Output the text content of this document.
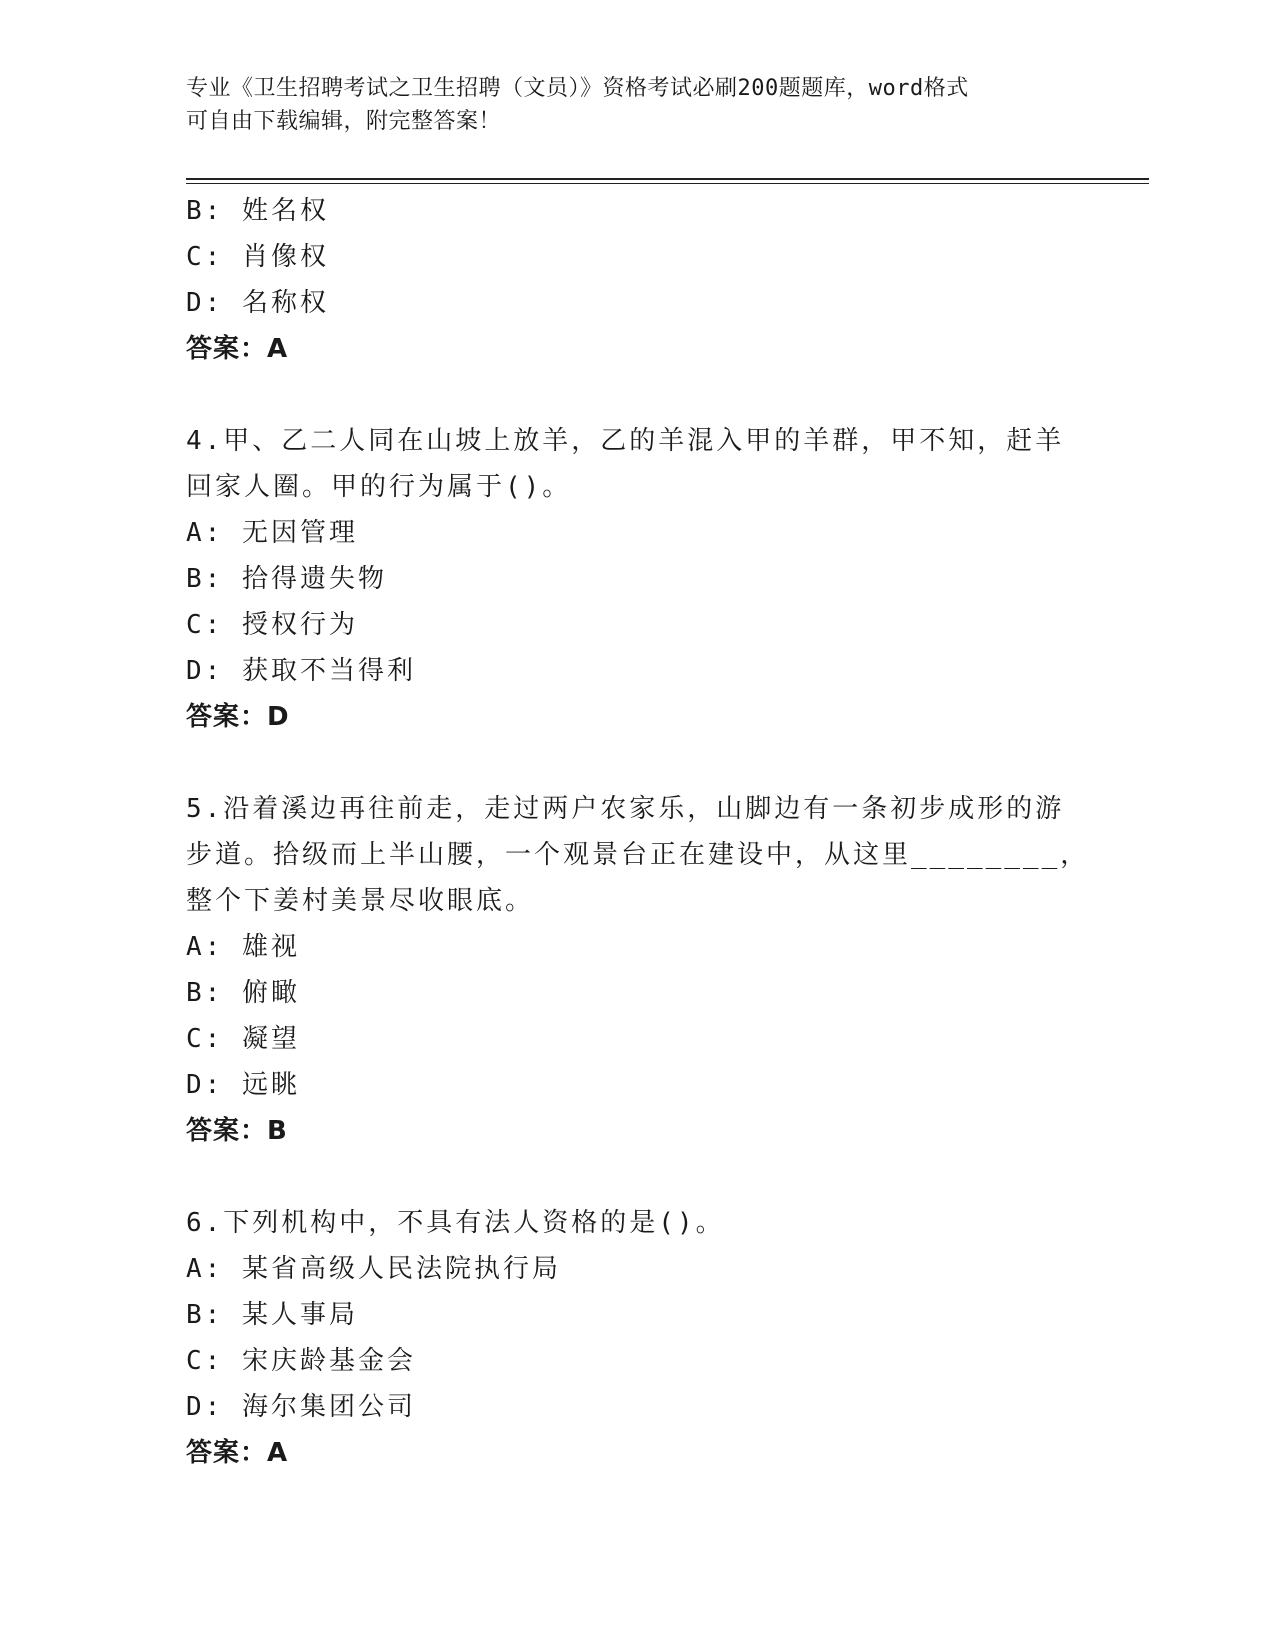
专业《卫生招聘考试之卫生招聘（文员）》资格考试必刷200题题库，word格式
可自由下载编辑，附完整答案！
B: 姓名权
C: 肖像权
D: 名称权
答案：A
4.甲、乙二人同在山坡上放羊，乙的羊混入甲的羊群，甲不知，赶羊
回家人圈。甲的行为属于()。
A: 无因管理
B: 拾得遗失物
C: 授权行为
D: 获取不当得利
答案：D
5.沿着溪边再往前走，走过两户农家乐，山脚边有一条初步成形的游
步道。拾级而上半山腰，一个观景台正在建设中，从这里________，
整个下姜村美景尽收眼底。
A: 雄视
B: 俯瞰
C: 凝望
D: 远眺
答案：B
6.下列机构中，不具有法人资格的是()。
A: 某省高级人民法院执行局
B: 某人事局
C: 宋庆龄基金会
D: 海尔集团公司
答案：A
